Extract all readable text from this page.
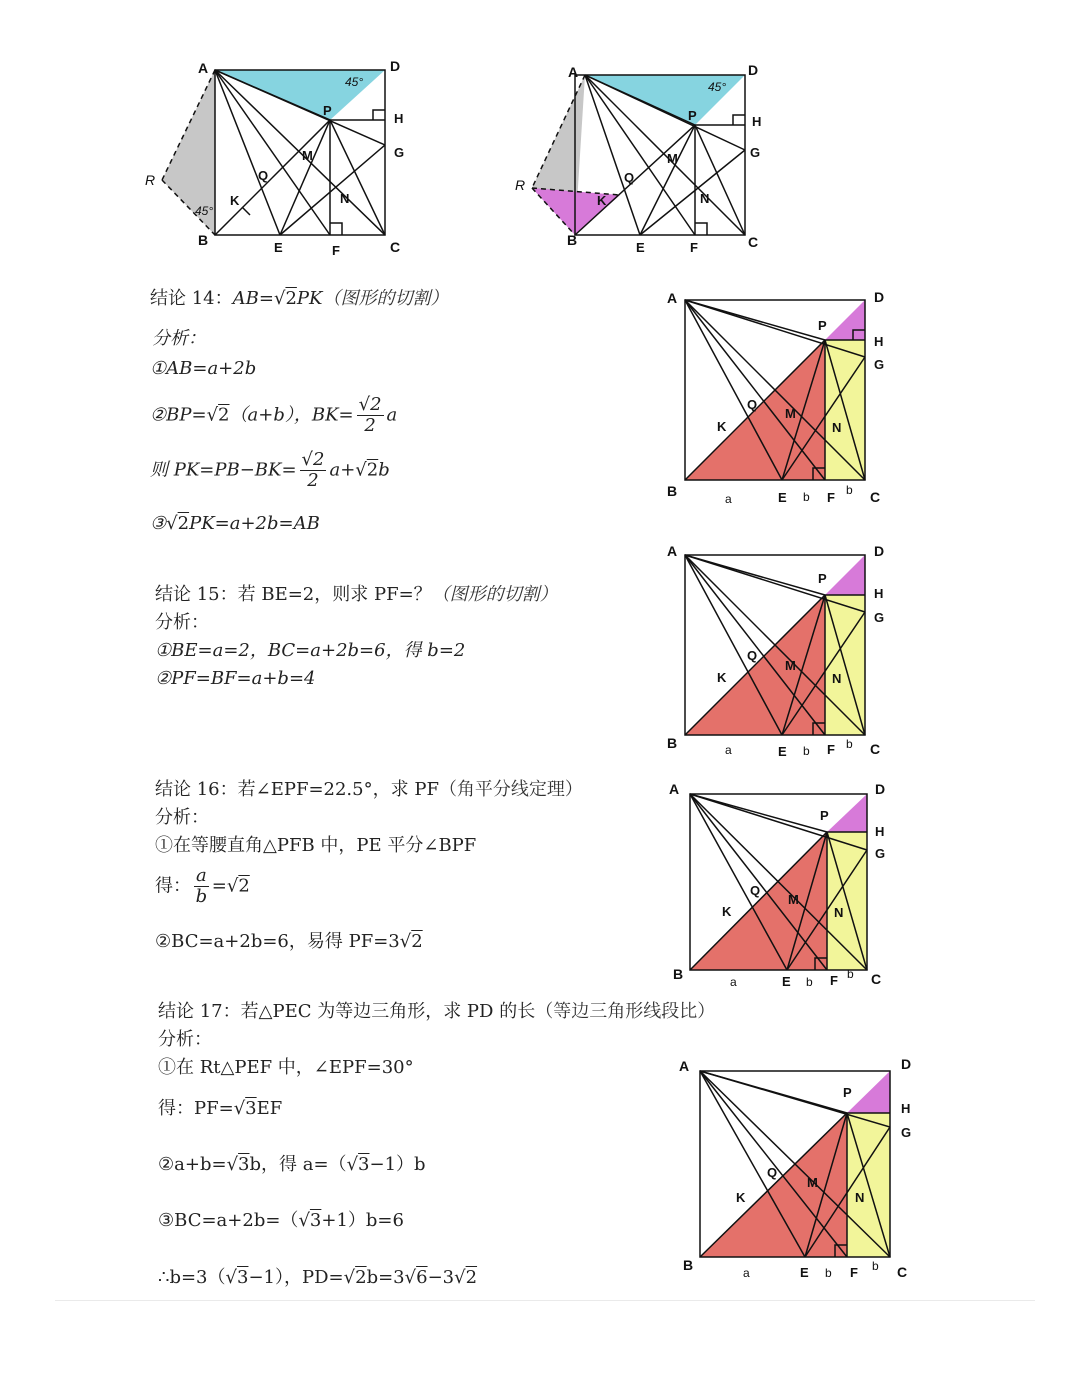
A	D
B	C
P
H
G
M
Q
K	N
E	F
R
45°
45°
A	D
B	C
P	H
G
M
Q
K	N
E	F
R
45°
结论 14：AB=√2PK（图形的切割）
分析：
①AB=a+2b
②BP=√2（a+b），$BK= \frac{√2}{2}$ a
则 $PK=PB-BK= \frac{√2}{2} a+√2b$
③√2PK=a+2b=AB
A	D
P
H
G
Q
M
K	N
B	a	E b F b C
结论 15：若 BE=2，则求 PF=？（图形的切割）
分析：
①BE=a=2，BC=a+2b=6，得 b=2
②PF=BF=a+b=4
A	D
P
H
G
Q
M
K	N
B	a	E b F b C
结论 16：若∠EPF=22.5°，求 PF（角平分线定理）
分析：
①在等腰直角△PFB 中，PE 平分∠BPF
得： $\frac{a}{b} =√2$
②BC=a+2b=6，易得 PF=3√2
A	D
P
H
G
Q
M
K	N
B	a	E b F b C
结论 17：若△PEC 为等边三角形，求 PD 的长（等边三角形线段比）
分析：
①在 Rt△PEF 中，∠EPF=30°
得：PF=√3EF
②a+b=√3b，得 a=（√3−1）b
③BC=a+2b=（√3+1）b=6
∴b=3（√3−1），PD=√2b=3√6−3√2
A	D
P
H
G
Q
M
K	N
B	a	E b F b C
